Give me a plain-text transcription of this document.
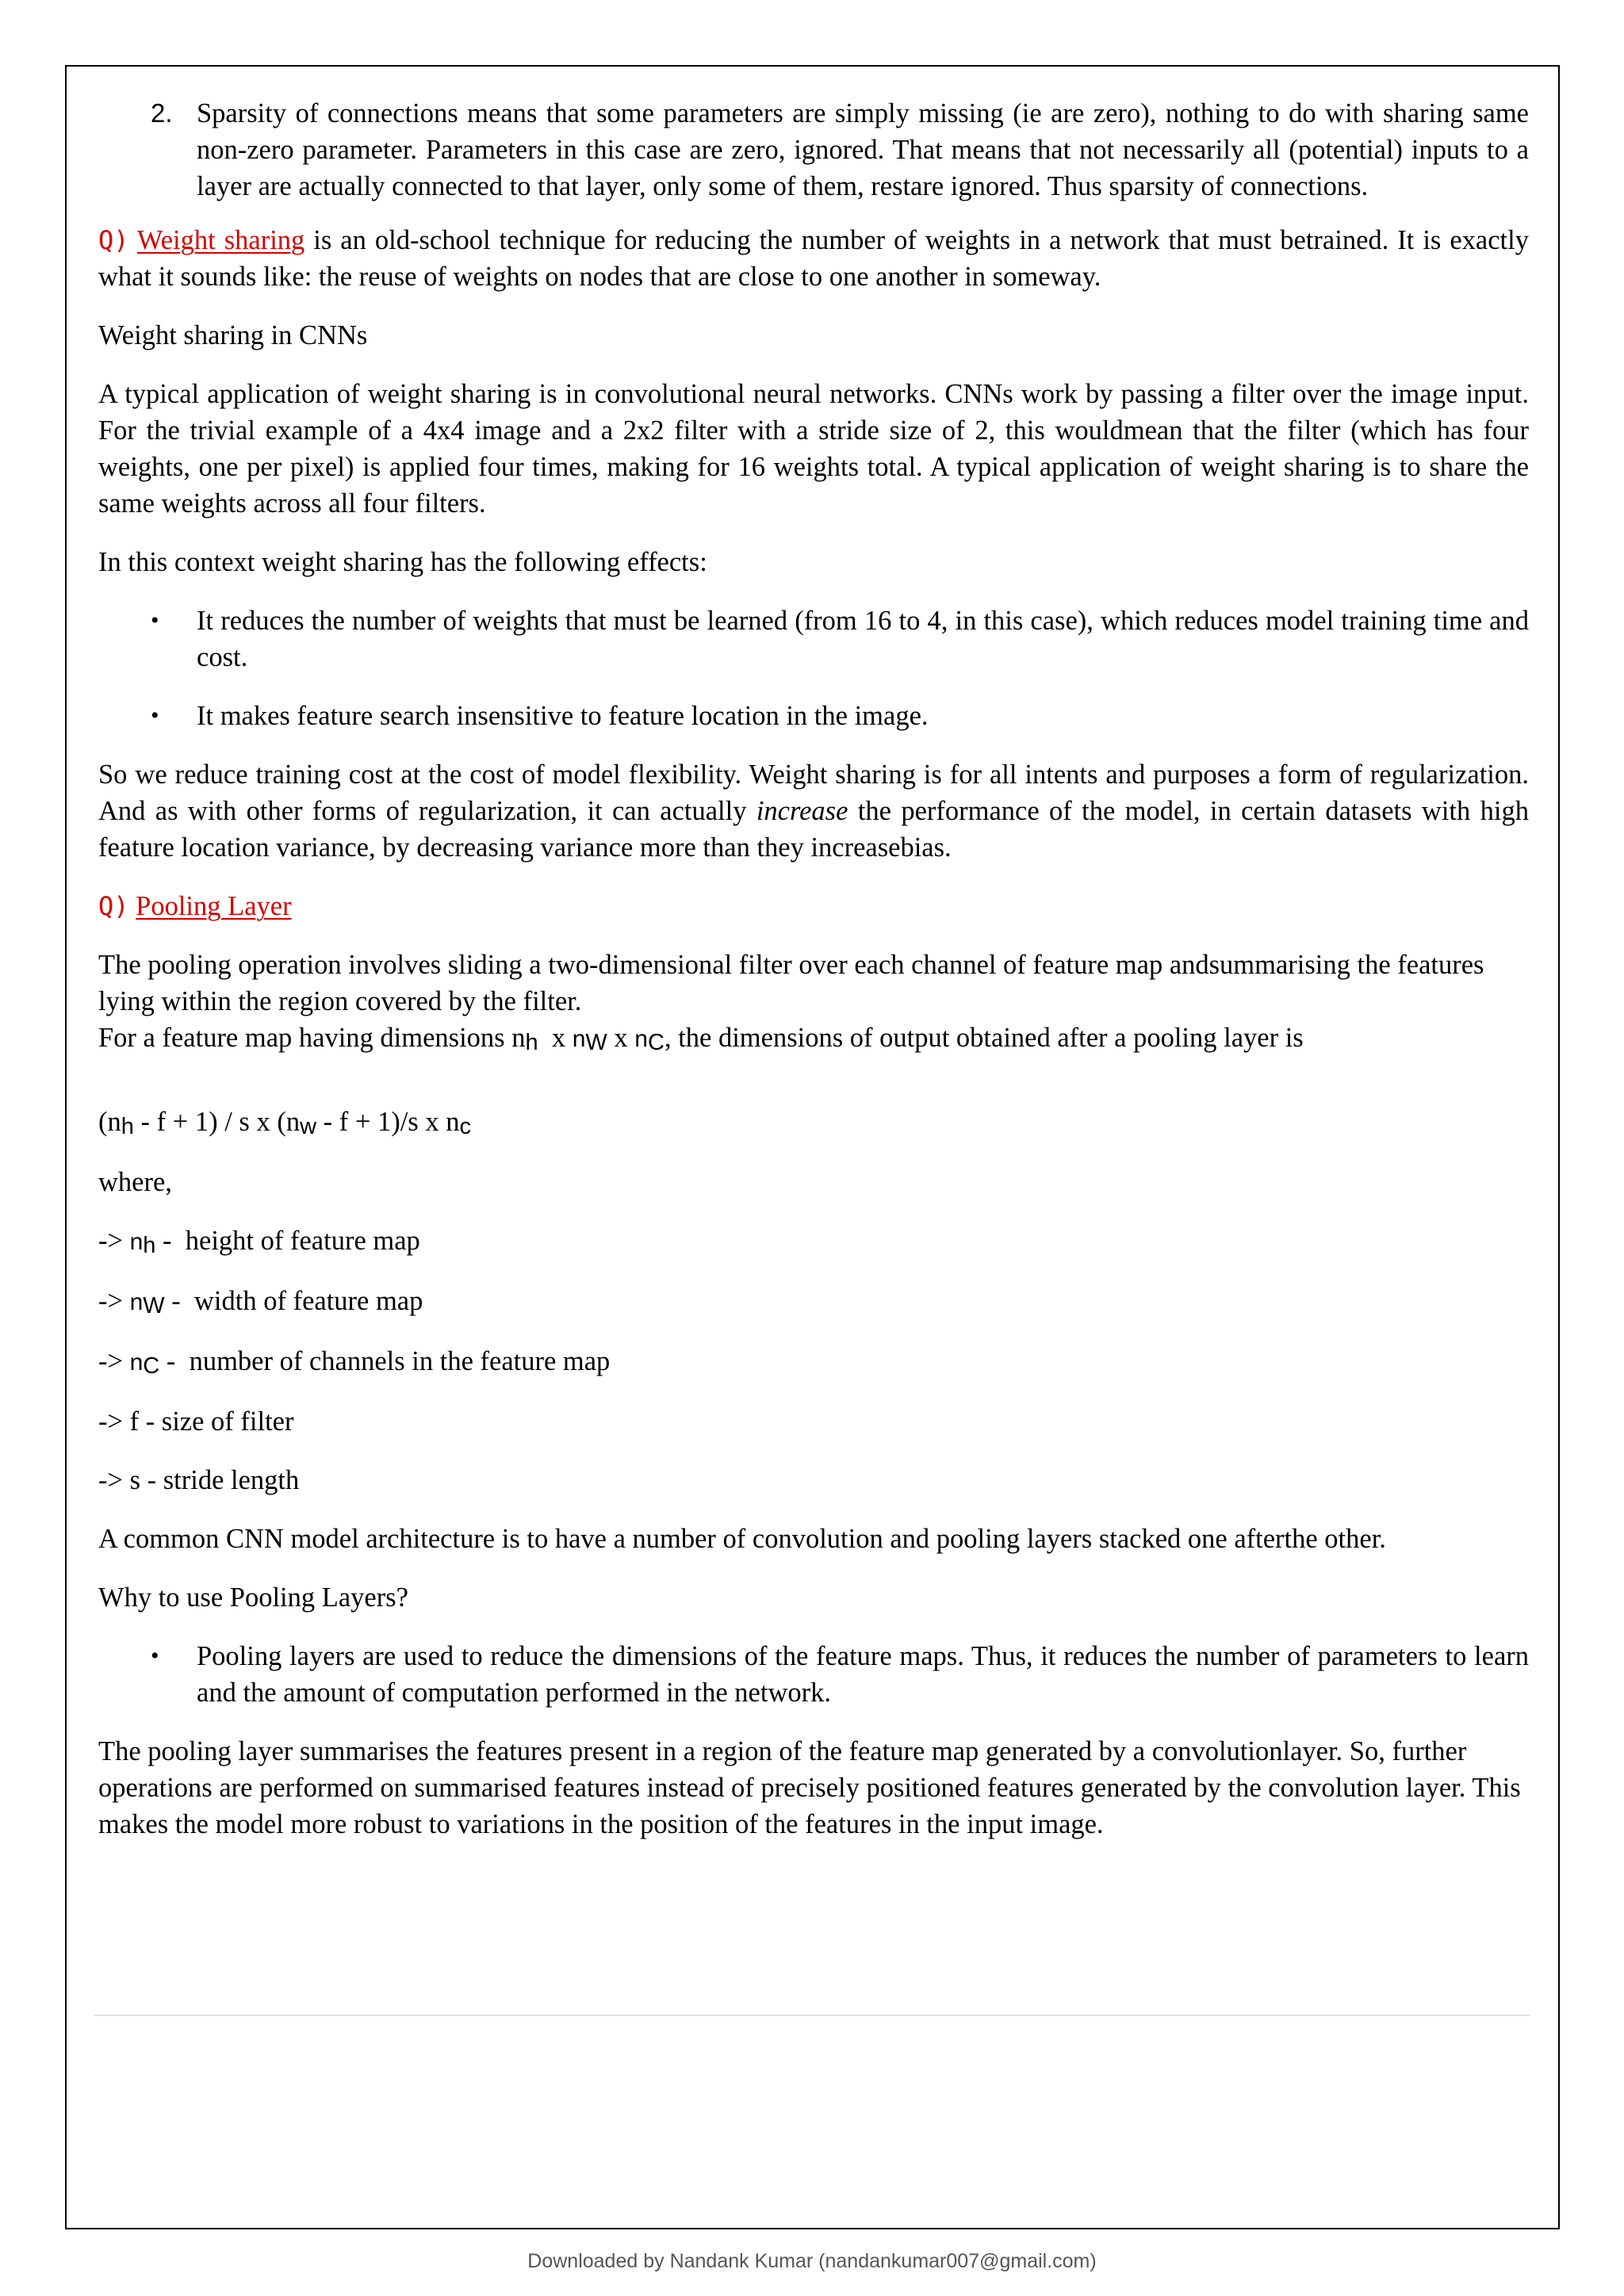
2. Sparsity of connections means that some parameters are simply missing (ie are zero), nothing to do with sharing same non-zero parameter. Parameters in this case are zero, ignored. That means that not necessarily all (potential) inputs to a layer are actually connected to that layer, only some of them, restare ignored. Thus sparsity of connections.

Q) Weight sharing is an old-school technique for reducing the number of weights in a network that must betrained. It is exactly what it sounds like: the reuse of weights on nodes that are close to one another in someway.

Weight sharing in CNNs

A typical application of weight sharing is in convolutional neural networks. CNNs work by passing a filter over the image input. For the trivial example of a 4x4 image and a 2x2 filter with a stride size of 2, this wouldmean that the filter (which has four weights, one per pixel) is applied four times, making for 16 weights total. A typical application of weight sharing is to share the same weights across all four filters.

In this context weight sharing has the following effects:

• It reduces the number of weights that must be learned (from 16 to 4, in this case), which reduces model training time and cost.
• It makes feature search insensitive to feature location in the image.

So we reduce training cost at the cost of model flexibility. Weight sharing is for all intents and purposes a form of regularization. And as with other forms of regularization, it can actually increase the performance of the model, in certain datasets with high feature location variance, by decreasing variance more than they increasebias.

Q) Pooling Layer

The pooling operation involves sliding a two-dimensional filter over each channel of feature map andsummarising the features lying within the region covered by the filter.

For a feature map having dimensions nh  x nW x nC, the dimensions of output obtained after a pooling layer is

(nh - f + 1) / s x (nw - f + 1)/s x nc

where,

-> nh -  height of feature map

-> nW -  width of feature map

-> nC -  number of channels in the feature map

-> f - size of filter

-> s - stride length

A common CNN model architecture is to have a number of convolution and pooling layers stacked one afterthe other.

Why to use Pooling Layers?

• Pooling layers are used to reduce the dimensions of the feature maps. Thus, it reduces the number of parameters to learn and the amount of computation performed in the network.

The pooling layer summarises the features present in a region of the feature map generated by a convolutionlayer. So, further operations are performed on summarised features instead of precisely positioned features generated by the convolution layer. This makes the model more robust to variations in the position of the features in the input image.

Downloaded by Nandank Kumar (nandankumar007@gmail.com)
